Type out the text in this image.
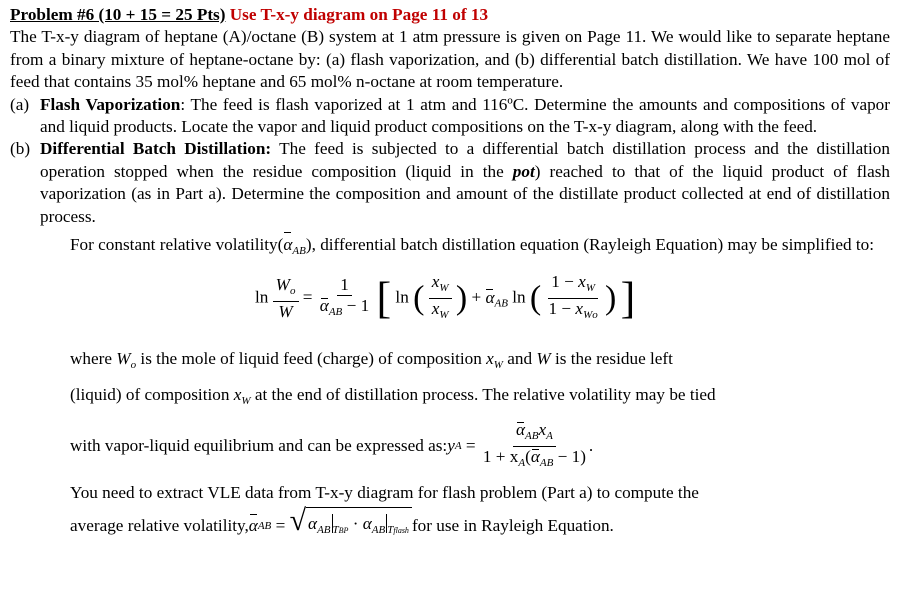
Problem #6 (10 + 15 = 25 Pts) Use T-x-y diagram on Page 11 of 13

The T-x-y diagram of heptane (A)/octane (B) system at 1 atm pressure is given on Page 11. We would like to separate heptane from a binary mixture of heptane-octane by: (a) flash vaporization, and (b) differential batch distillation. We have 100 mol of feed that contains 35 mol% heptane and 65 mol% n-octane at room temperature.

(a) Flash Vaporization: The feed is flash vaporized at 1 atm and 116ºC. Determine the amounts and compositions of vapor and liquid products. Locate the vapor and liquid product compositions on the T-x-y diagram, along with the feed.
(b) Differential Batch Distillation: The feed is subjected to a differential batch distillation process and the distillation operation stopped when the residue composition (liquid in the pot) reached to that of the liquid product of flash vaporization (as in Part a). Determine the composition and amount of the distillate product collected at end of distillation process.
For constant relative $volatility(\alpha_{AB})$, differential batch distillation equation (Rayleigh Equation) may be simplified to:
$\ln \frac{W_o}{W} = \frac{1}{\alpha_{AB} - 1}$ [ ln ( $\frac{x_W}{x_W}$ ) + $\alpha_{AB}$ ln ( $\frac{1 - x_W}{1 - x_{Wo}}$ ) ]
where $W_o$ is the mole of liquid feed (charge) of composition $x_W$ and W is the residue left
(liquid) of composition $x_W$ at the end of distillation process. The relative volatility may be tied
with vapor-liquid equilibrium and can be expressed as: y $A = \frac{\alpha_{AB}x_A}{1 + x_A(\alpha_{AB} - 1)}$ .
You need to extract VLE data from T-x-y diagram for flash problem (Part a) to compute the

average relative volatility, α AB = √ $\alpha_{AB}$ $_{TBP} \cdot \alpha_{AB}$ $_{Tflash}$ for use in Rayleigh Equation.
